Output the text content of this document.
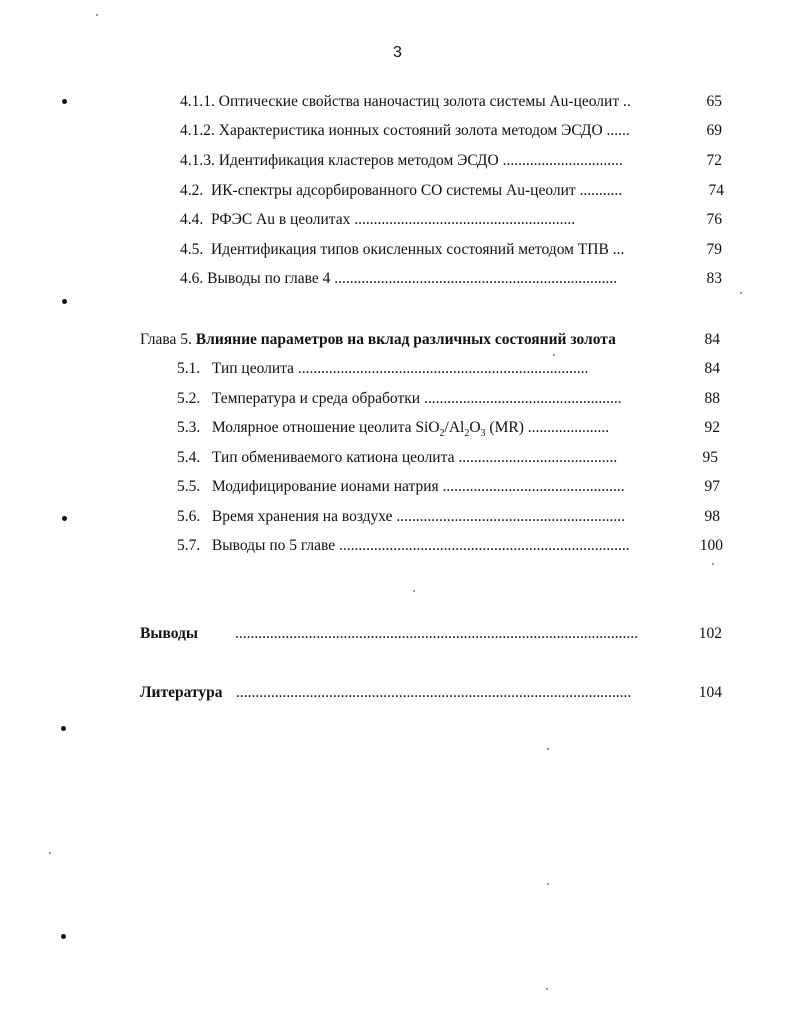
3
4.1.1. Оптические свойства наночастиц золота системы Au-цеолит ..	65
4.1.2. Характеристика ионных состояний золота методом ЭСДО ......	69
4.1.3. Идентификация кластеров методом ЭСДО ...............................	72
4.2. ИК-спектры адсорбированного CO системы Au-цеолит ...........	74
4.4. РФЭС Au в цеолитах .........................................................	76
4.5. Идентификация типов окисленных состояний методом ТПВ ...	79
4.6. Выводы по главе 4 .........................................................................	83
Глава 5. Влияние параметров на вклад различных состояний золота	84
5.1. Тип цеолита ...........................................................................	84
5.2. Температура и среда обработки ...................................................	88
5.3. Молярное отношение цеолита $SiO_2/Al_2O_3$ (MR) .....................	92
5.4. Тип обмениваемого катиона цеолита .........................................	95
5.5. Модифицирование ионами натрия ...............................................	97
5.6. Время хранения на воздухе ...........................................................	98
5.7. Выводы по 5 главе ...........................................................................	100
Выводы ........................................................................................................	102
Литература ......................................................................................................	104
